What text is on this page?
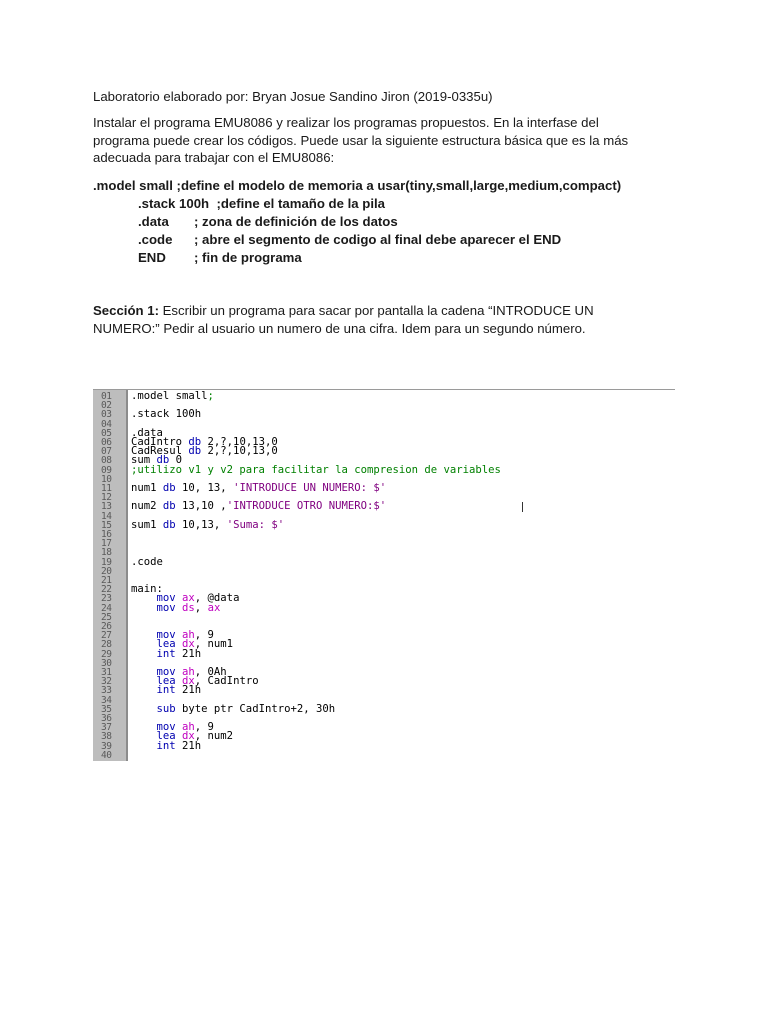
Laboratorio elaborado por: Bryan Josue Sandino Jiron (2019-0335u)

Instalar el programa EMU8086 y realizar los programas propuestos. En la interfase del programa puede crear los códigos. Puede usar la siguiente estructura básica que es la más adecuada para trabajar con el EMU8086:

.model small ;define el modelo de memoria a usar(tiny,small,large,medium,compact)
.stack 100h  ;define el tamaño de la pila
.data ; zona de definición de los datos
.code ; abre el segmento de codigo al final debe aparecer el END
END ; fin de programa

Sección 1: Escribir un programa para sacar por pantalla la cadena “INTRODUCE UN NUMERO:” Pedir al usuario un numero de una cifra. Idem para un segundo número.

01
02
03
04
05
06
07
08
09
10
11
12
13
14
15
16
17
18
19
20
21
22
23
24
25
26
27
28
29
30
31
32
33
34
35
36
37
38
39
40
.model small;
.stack 100h
.data
CadIntro db 2,?,10,13,0
CadResul db 2,?,10,13,0
sum db 0
;utilizo v1 y v2 para facilitar la compresion de variables
num1 db 10, 13, 'INTRODUCE UN NUMERO: $'
num2 db 13,10 ,'INTRODUCE OTRO NUMERO:$'
sum1 db 10,13, 'Suma: $'
.code
main:
mov ax, @data
mov ds, ax
mov ah, 9
lea dx, num1
int 21h
mov ah, 0Ah
lea dx, CadIntro
int 21h
sub byte ptr CadIntro+2, 30h
mov ah, 9
lea dx, num2
int 21h
